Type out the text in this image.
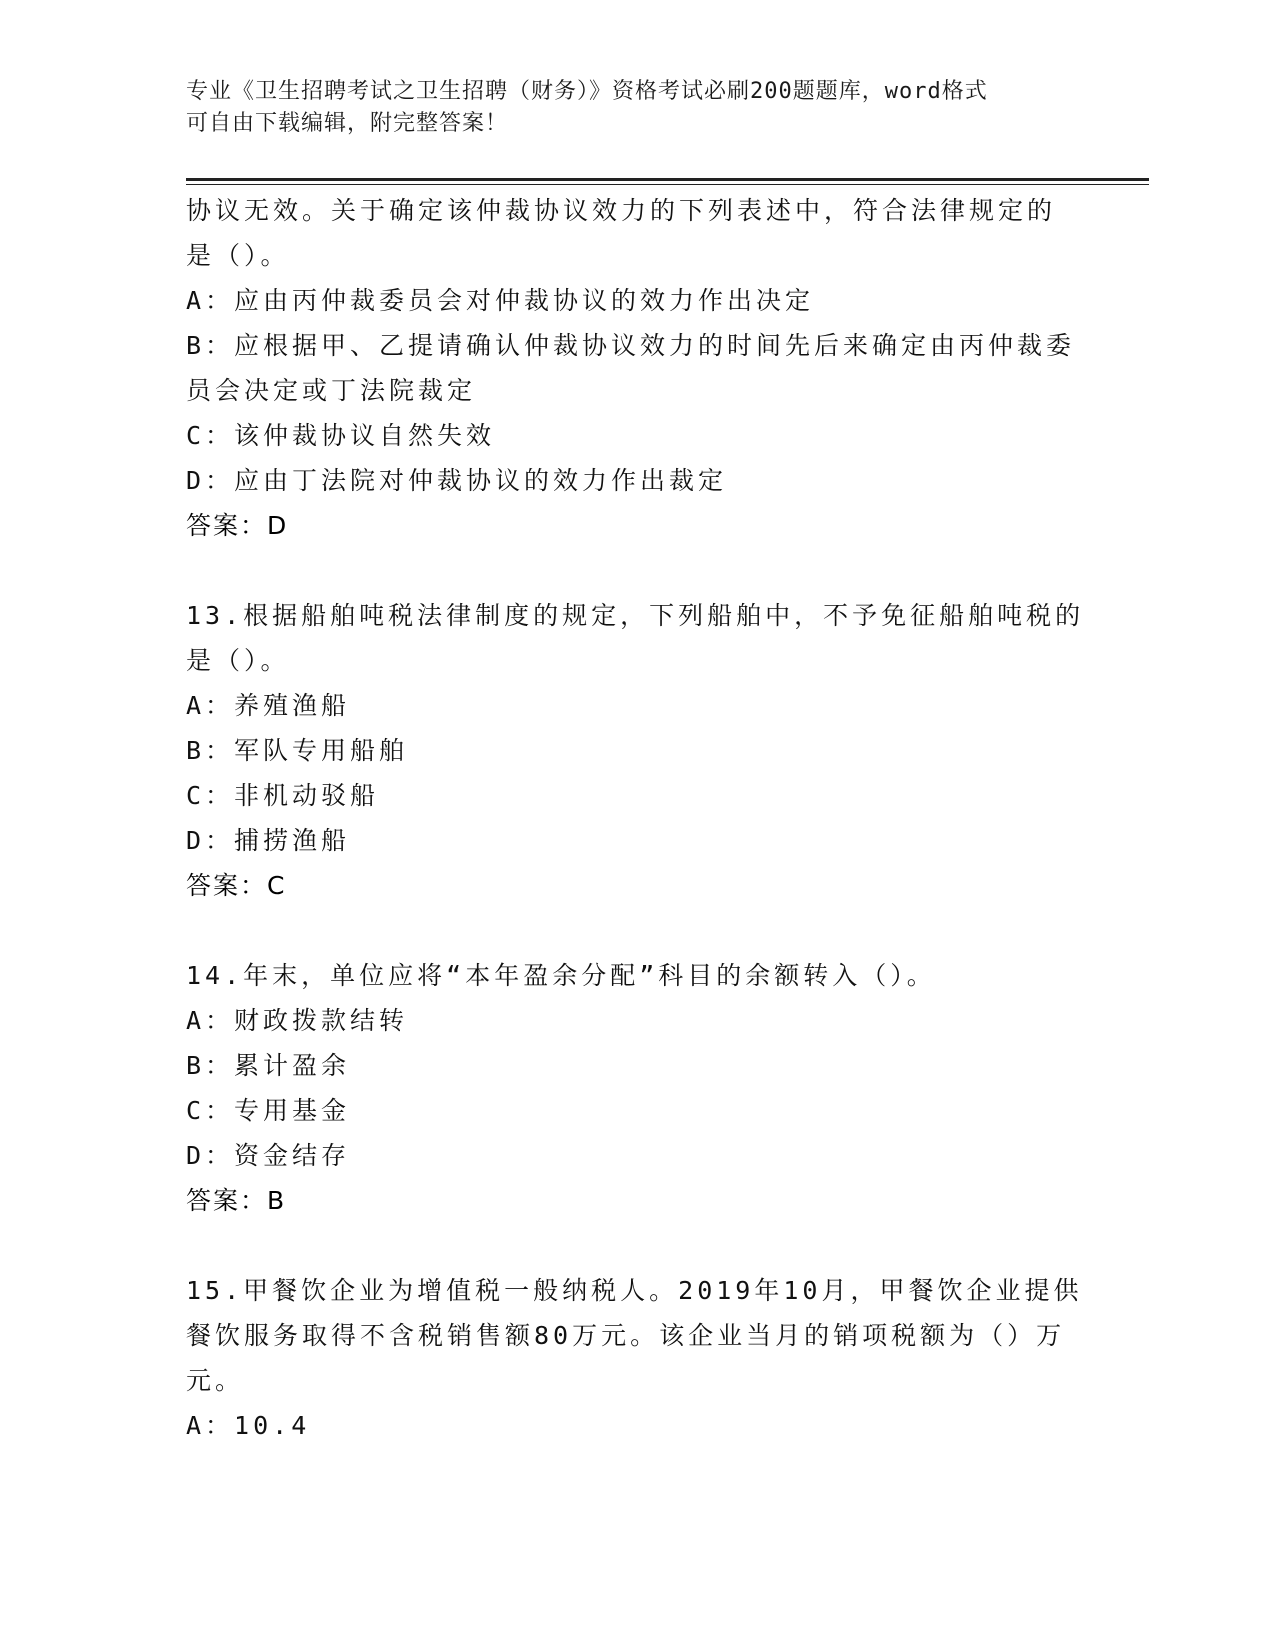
专业《卫生招聘考试之卫生招聘（财务）》资格考试必刷200题题库，word格式
可自由下载编辑，附完整答案！
协议无效。关于确定该仲裁协议效力的下列表述中，符合法律规定的
是（）。
A：应由丙仲裁委员会对仲裁协议的效力作出决定
B：应根据甲、乙提请确认仲裁协议效力的时间先后来确定由丙仲裁委
员会决定或丁法院裁定
C：该仲裁协议自然失效
D：应由丁法院对仲裁协议的效力作出裁定
答案：D
13.根据船舶吨税法律制度的规定，下列船舶中，不予免征船舶吨税的
是（）。
A：养殖渔船
B：军队专用船舶
C：非机动驳船
D：捕捞渔船
答案：C
14.年末，单位应将“本年盈余分配”科目的余额转入（）。
A：财政拨款结转
B：累计盈余
C：专用基金
D：资金结存
答案：B
15.甲餐饮企业为增值税一般纳税人。2019年10月，甲餐饮企业提供
餐饮服务取得不含税销售额80万元。该企业当月的销项税额为（）万
元。
A：10.4
